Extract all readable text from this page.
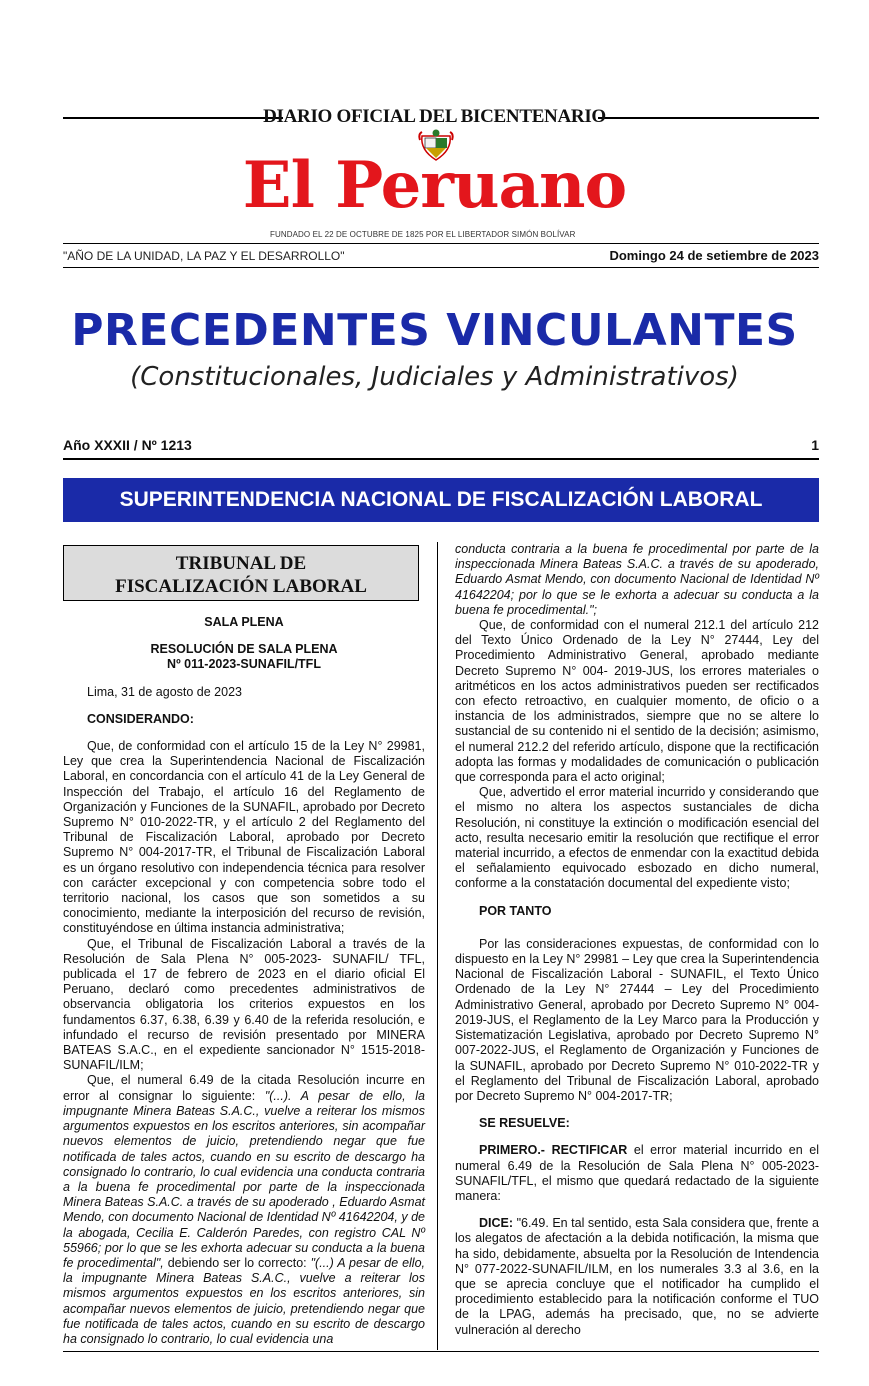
DIARIO OFICIAL DEL BICENTENARIO
El Peruano
FUNDADO EL 22 DE OCTUBRE DE 1825 POR EL LIBERTADOR SIMÓN BOLÍVAR
"AÑO DE LA UNIDAD, LA PAZ Y EL DESARROLLO"	Domingo 24 de setiembre de 2023
PRECEDENTES VINCULANTES
(Constitucionales, Judiciales y Administrativos)
Año XXXII / Nº 1213	1
SUPERINTENDENCIA NACIONAL DE FISCALIZACIÓN LABORAL
TRIBUNAL DE
FISCALIZACIÓN LABORAL

SALA PLENA

RESOLUCIÓN DE SALA PLENA

Nº 011-2023-SUNAFIL/TFL

Lima, 31 de agosto de 2023

CONSIDERANDO:

Que, de conformidad con el artículo 15 de la Ley N° 29981, Ley que crea la Superintendencia Nacional de Fiscalización Laboral, en concordancia con el artículo 41 de la Ley General de Inspección del Trabajo, el artículo 16 del Reglamento de Organización y Funciones de la SUNAFIL, aprobado por Decreto Supremo N° 010-2022-TR, y el artículo 2 del Reglamento del Tribunal de Fiscalización Laboral, aprobado por Decreto Supremo N° 004-2017-TR, el Tribunal de Fiscalización Laboral es un órgano resolutivo con independencia técnica para resolver con carácter excepcional y con competencia sobre todo el territorio nacional, los casos que son sometidos a su conocimiento, mediante la interposición del recurso de revisión, constituyéndose en última instancia administrativa;

Que, el Tribunal de Fiscalización Laboral a través de la Resolución de Sala Plena N° 005-2023- SUNAFIL/ TFL, publicada el 17 de febrero de 2023 en el diario oficial El Peruano, declaró como precedentes administrativos de observancia obligatoria los criterios expuestos en los fundamentos 6.37, 6.38, 6.39 y 6.40 de la referida resolución, e infundado el recurso de revisión presentado por MINERA BATEAS S.A.C., en el expediente sancionador N° 1515-2018-SUNAFIL/ILM;

Que, el numeral 6.49 de la citada Resolución incurre en error al consignar lo siguiente: "(...). A pesar de ello, la impugnante Minera Bateas S.A.C., vuelve a reiterar los mismos argumentos expuestos en los escritos anteriores, sin acompañar nuevos elementos de juicio, pretendiendo negar que fue notificada de tales actos, cuando en su escrito de descargo ha consignado lo contrario, lo cual evidencia una conducta contraria a la buena fe procedimental por parte de la inspeccionada Minera Bateas S.A.C. a través de su apoderado , Eduardo Asmat Mendo, con documento Nacional de Identidad Nº 41642204, y de la abogada, Cecilia E. Calderón Paredes, con registro CAL Nº 55966; por lo que se les exhorta adecuar su conducta a la buena fe procedimental", debiendo ser lo correcto: "(...) A pesar de ello, la impugnante Minera Bateas S.A.C., vuelve a reiterar los mismos argumentos expuestos en los escritos anteriores, sin acompañar nuevos elementos de juicio, pretendiendo negar que fue notificada de tales actos, cuando en su escrito de descargo ha consignado lo contrario, lo cual evidencia una

conducta contraria a la buena fe procedimental por parte de la inspeccionada Minera Bateas S.A.C. a través de su apoderado, Eduardo Asmat Mendo, con documento Nacional de Identidad Nº 41642204; por lo que se le exhorta a adecuar su conducta a la buena fe procedimental.";

Que, de conformidad con el numeral 212.1 del artículo 212 del Texto Único Ordenado de la Ley N° 27444, Ley del Procedimiento Administrativo General, aprobado mediante Decreto Supremo N° 004- 2019-JUS, los errores materiales o aritméticos en los actos administrativos pueden ser rectificados con efecto retroactivo, en cualquier momento, de oficio o a instancia de los administrados, siempre que no se altere lo sustancial de su contenido ni el sentido de la decisión; asimismo, el numeral 212.2 del referido artículo, dispone que la rectificación adopta las formas y modalidades de comunicación o publicación que corresponda para el acto original;

Que, advertido el error material incurrido y considerando que el mismo no altera los aspectos sustanciales de dicha Resolución, ni constituye la extinción o modificación esencial del acto, resulta necesario emitir la resolución que rectifique el error material incurrido, a efectos de enmendar con la exactitud debida el señalamiento equivocado esbozado en dicho numeral, conforme a la constatación documental del expediente visto;

POR TANTO

Por las consideraciones expuestas, de conformidad con lo dispuesto en la Ley N° 29981 – Ley que crea la Superintendencia Nacional de Fiscalización Laboral - SUNAFIL, el Texto Único Ordenado de la Ley N° 27444 – Ley del Procedimiento Administrativo General, aprobado por Decreto Supremo N° 004- 2019-JUS, el Reglamento de la Ley Marco para la Producción y Sistematización Legislativa, aprobado por Decreto Supremo N° 007-2022-JUS, el Reglamento de Organización y Funciones de la SUNAFIL, aprobado por Decreto Supremo N° 010-2022-TR y el Reglamento del Tribunal de Fiscalización Laboral, aprobado por Decreto Supremo N° 004-2017-TR;

SE RESUELVE:

PRIMERO.- RECTIFICAR el error material incurrido en el numeral 6.49 de la Resolución de Sala Plena N° 005-2023-SUNAFIL/TFL, el mismo que quedará redactado de la siguiente manera:

DICE: "6.49. En tal sentido, esta Sala considera que, frente a los alegatos de afectación a la debida notificación, la misma que ha sido, debidamente, absuelta por la Resolución de Intendencia N° 077-2022-SUNAFIL/ILM, en los numerales 3.3 al 3.6, en la que se aprecia concluye que el notificador ha cumplido el procedimiento establecido para la notificación conforme el TUO de la LPAG, además ha precisado, que, no se advierte vulneración al derecho
